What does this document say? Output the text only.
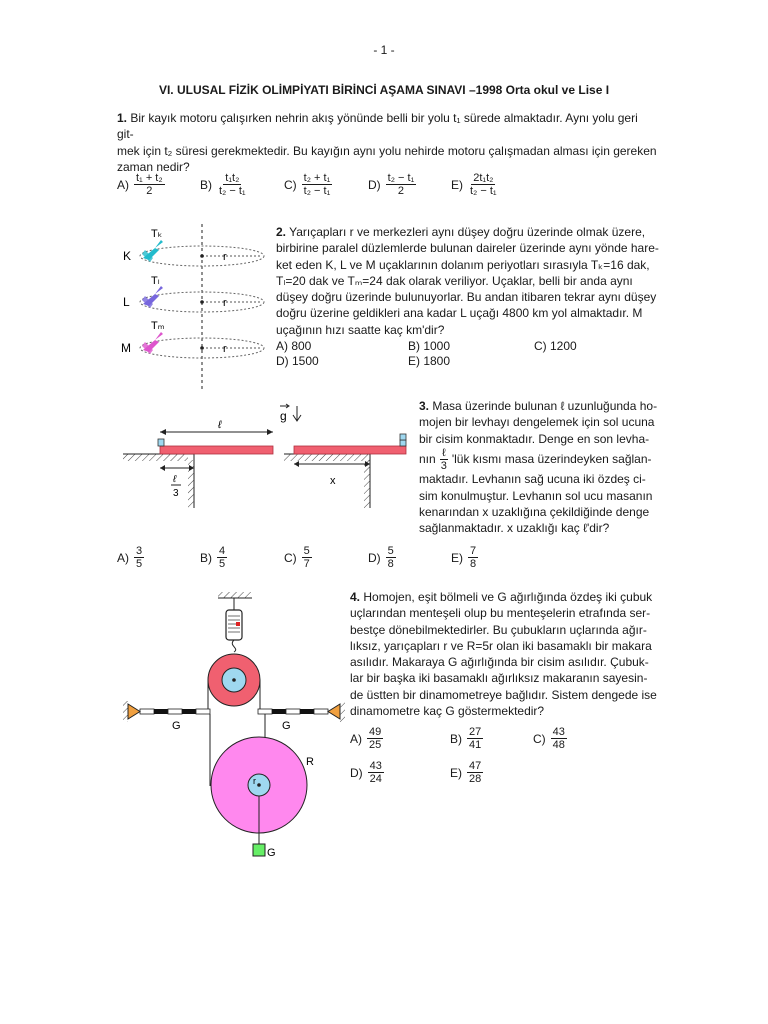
- 1 -
VI. ULUSAL FİZİK OLİMPİYATI BİRİNCİ AŞAMA SINAVI –1998 Orta okul ve Lise I
1. Bir kayık motoru çalışırken nehrin akış yönünde belli bir yolu t₁ sürede almaktadır. Aynı yolu geri git-
mek için t₂ süresi gerekmektedir. Bu kayığın aynı yolu nehirde motoru çalışmadan alması için gereken
zaman nedir?
$A) \frac{\text{t₁ + t₂}}{2}$	$B) \frac{\text{t₁t₂}}{\text{t₂ − t₁}}$	$C) \frac{\text{t₂ + t₁}}{\text{t₂ − t₁}}$	$D) \frac{\text{t₂ − t₁}}{2}$	$E) \frac{\text{2t₁t₂}}{\text{t₂ − t₁}}$
r
r
r
K
Tₖ
L
Tₗ
M
Tₘ
2. Yarıçapları r ve merkezleri aynı düşey doğru üzerinde olmak üzere,
birbirine paralel düzlemlerde bulunan daireler üzerinde aynı yönde hare-
ket eden K, L ve M uçaklarının dolanım periyotları sırasıyla Tₖ=16 dak,
Tₗ=20 dak ve Tₘ=24 dak olarak veriliyor. Uçaklar, belli bir anda aynı
düşey doğru üzerinde bulunuyorlar. Bu andan itibaren tekrar aynı düşey
doğru üzerine geldikleri ana kadar L uçağı 4800 km yol almaktadır. M
uçağının hızı saatte kaç km'dir?
A) 800	B) 1000	C) 1200
D) 1500	E) 1800
ℓ
ℓ
3
g
x
3. Masa üzerinde bulunan ℓ uzunluğunda ho-
mojen bir levhayı dengelemek için sol ucuna
bir cisim konmaktadır. Denge en son levha-
nın $\frac{\text{ℓ}}{3}$ 'lük kısmı masa üzerindeyken sağlan-
maktadır. Levhanın sağ ucuna iki özdeş ci-
sim konulmuştur. Levhanın sol ucu masanın
kenarından x uzaklığına çekildiğinde denge
sağlanmaktadır. x uzaklığı kaç ℓ'dir?
$A) \frac{3}{5}$	$B) \frac{4}{5}$	$C) \frac{5}{7}$	$D) \frac{5}{8}$	$E) \frac{7}{8}$
G	G
R
r
G
4. Homojen, eşit bölmeli ve G ağırlığında özdeş iki çubuk
uçlarından menteşeli olup bu menteşelerin etrafında ser-
bestçe dönebilmektedirler. Bu çubukların uçlarında ağır-
lıksız, yarıçapları r ve R=5r olan iki basamaklı bir makara
asılıdır. Makaraya G ağırlığında bir cisim asılıdır. Çubuk-
lar bir başka iki basamaklı ağırlıksız makaranın sayesin-
de üstten bir dinamometreye bağlıdır. Sistem dengede ise
dinamometre kaç G göstermektedir?
$A) \frac{49}{25}$	$B) \frac{27}{41}$	$C) \frac{43}{48}$
$D) \frac{43}{24}$	$E) \frac{47}{28}$
